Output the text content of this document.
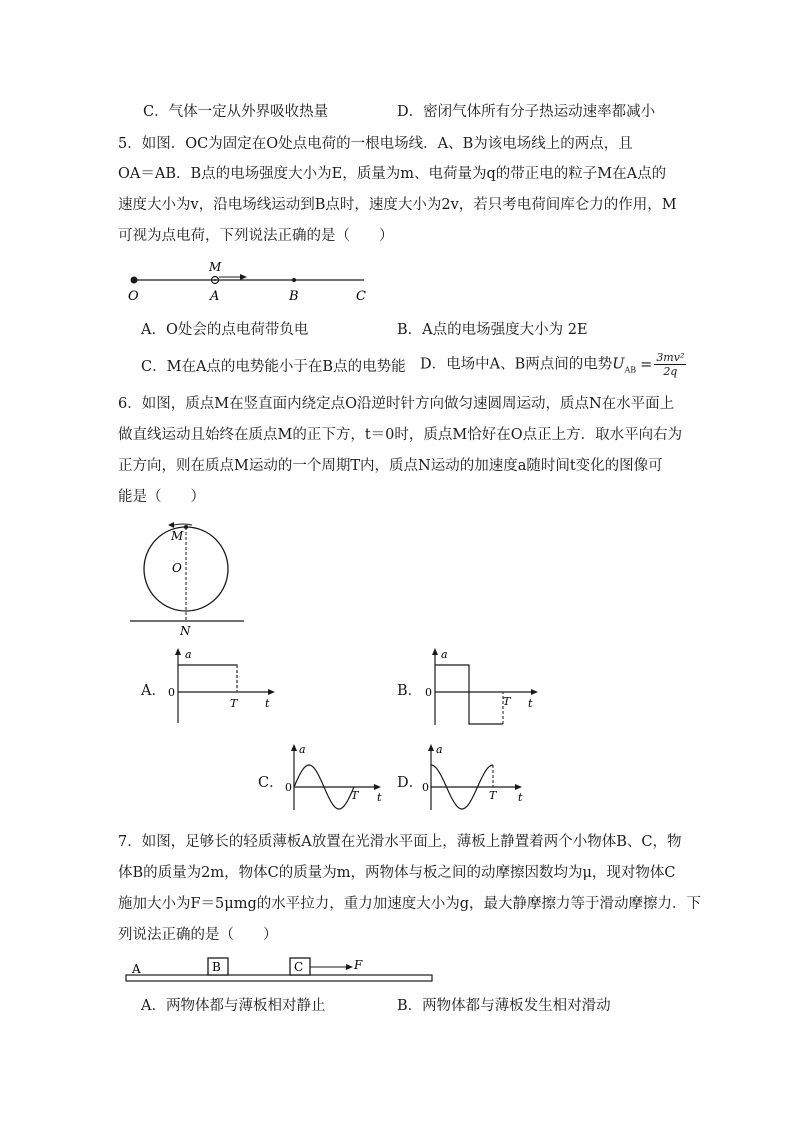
C．气体一定从外界吸收热量	D．密闭气体所有分子热运动速率都减小
5．如图．OC为固定在O处点电荷的一根电场线．A、B为该电场线上的两点，且
OA＝AB．B点的电场强度大小为E，质量为m、电荷量为q的带正电的粒子M在A点的
速度大小为v，沿电场线运动到B点时，速度大小为2v，若只考电荷间库仑力的作用，M
可视为点电荷，下列说法正确的是（　　）
M
O	A	B	C
A．O处会的点电荷带负电	B．A点的电场强度大小为 2E
C．M在A点的电势能小于在B点的电势能 D．电场中A、B两点间的电势$U_{AB} = \frac{\text{3mv²}}{2q}$
6．如图，质点M在竖直面内绕定点O沿逆时针方向做匀速圆周运动，质点N在水平面上
做直线运动且始终在质点M的正下方，t＝0时，质点M恰好在O点正上方．取水平向右为
正方向，则在质点M运动的一个周期T内，质点N运动的加速度a随时间t变化的图像可
能是（　　）
M
O
N
A．
a
0
T	t
B．
a
0
T t
C．
a
0
T t
D．
a
0
T t
7．如图，足够长的轻质薄板A放置在光滑水平面上，薄板上静置着两个小物体B、C，物
体B的质量为2m，物体C的质量为m，两物体与板之间的动摩擦因数均为μ，现对物体C
施加大小为F＝5μmg的水平拉力，重力加速度大小为g，最大静摩擦力等于滑动摩擦力．下
列说法正确的是（　　）
A	B	C	F
A．两物体都与薄板相对静止	B．两物体都与薄板发生相对滑动
